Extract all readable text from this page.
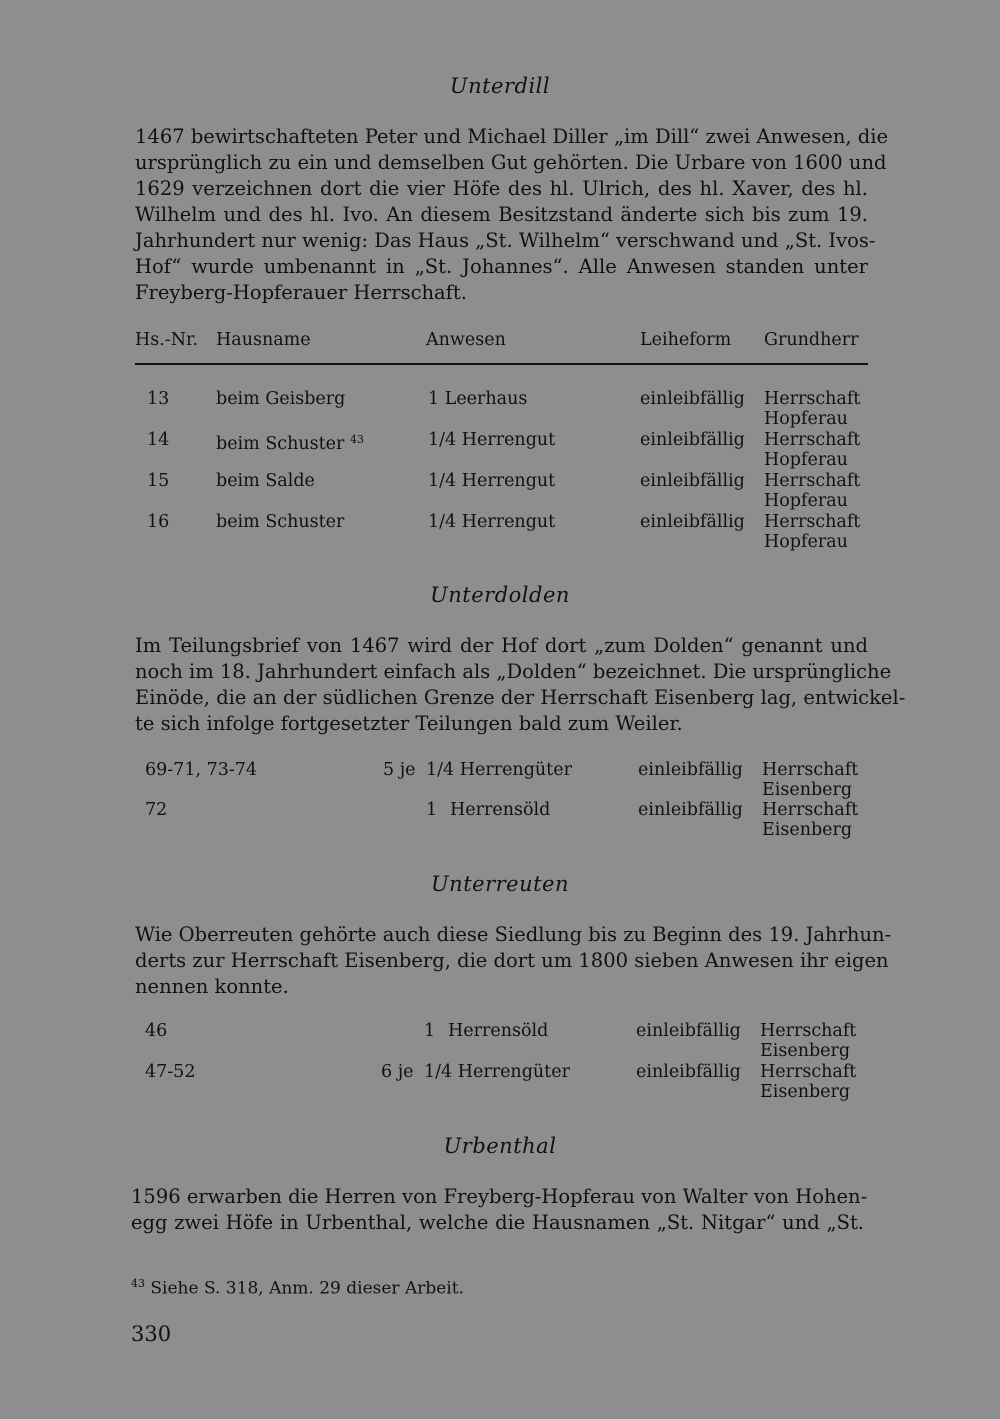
Unterdill
1467 bewirtschafteten Peter und Michael Diller „im Dill“ zwei Anwesen, die
ursprünglich zu ein und demselben Gut gehörten. Die Urbare von 1600 und
1629 verzeichnen dort die vier Höfe des hl. Ulrich, des hl. Xaver, des hl.
Wilhelm und des hl. Ivo. An diesem Besitzstand änderte sich bis zum 19.
Jahrhundert nur wenig: Das Haus „St. Wilhelm“ verschwand und „St. Ivos-
Hof“ wurde umbenannt in „St. Johannes“. Alle Anwesen standen unter
Freyberg-Hopferauer Herrschaft.
Hs.-Nr. Hausname	Anwesen	Leiheform Grundherr
13	beim Geisberg	1 Leerhaus	einleibfällig Herrschaft
Hopferau
14	beim Schuster $^{43}$	1/4 Herrengut	einleibfällig Herrschaft
Hopferau
15	beim Salde	1/4 Herrengut	einleibfällig Herrschaft
Hopferau
16	beim Schuster	1/4 Herrengut	einleibfällig Herrschaft
Hopferau
Unterdolden
Im Teilungsbrief von 1467 wird der Hof dort „zum Dolden“ genannt und
noch im 18. Jahrhundert einfach als „Dolden“ bezeichnet. Die ursprüngliche
Einöde, die an der südlichen Grenze der Herrschaft Eisenberg lag, entwickel-
te sich infolge fortgesetzter Teilungen bald zum Weiler.
69-71, 73-74	5 je 1/4 Herrengüter	einleibfällig Herrschaft
Eisenberg
72	1 Herrensöld	einleibfällig Herrschaft
Eisenberg
Unterreuten
Wie Oberreuten gehörte auch diese Siedlung bis zu Beginn des 19. Jahrhun-
derts zur Herrschaft Eisenberg, die dort um 1800 sieben Anwesen ihr eigen
nennen konnte.
46	1 Herrensöld	einleibfällig Herrschaft
Eisenberg
47-52	6 je 1/4 Herrengüter	einleibfällig Herrschaft
Eisenberg
Urbenthal
1596 erwarben die Herren von Freyberg-Hopferau von Walter von Hohen-
egg zwei Höfe in Urbenthal, welche die Hausnamen „St. Nitgar“ und „St.
$^{43}$ Siehe S. 318, Anm. 29 dieser Arbeit.
330
